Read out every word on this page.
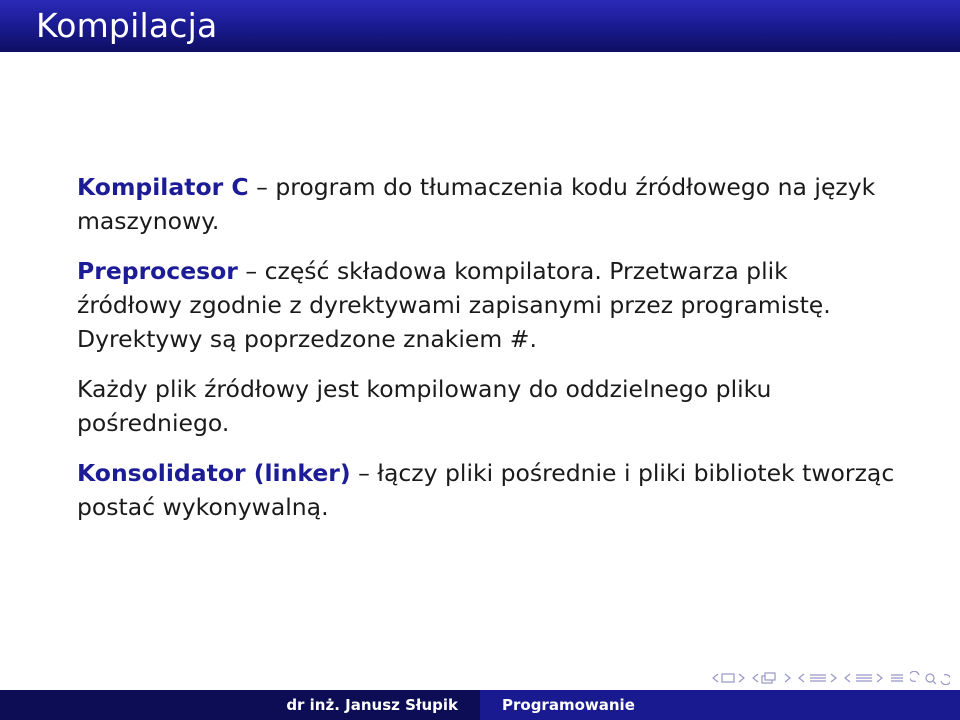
Kompilacja

Kompilator C – program do tłumaczenia kodu źródłowego na język maszynowy.

Preprocesor – część składowa kompilatora. Przetwarza plik źródłowy zgodnie z dyrektywami zapisanymi przez programistę. Dyrektywy są poprzedzone znakiem #.

Każdy plik źródłowy jest kompilowany do oddzielnego pliku pośredniego.

Konsolidator (linker) – łączy pliki pośrednie i pliki bibliotek tworząc postać wykonywalną.

dr inż. Janusz Słupik	Programowanie
